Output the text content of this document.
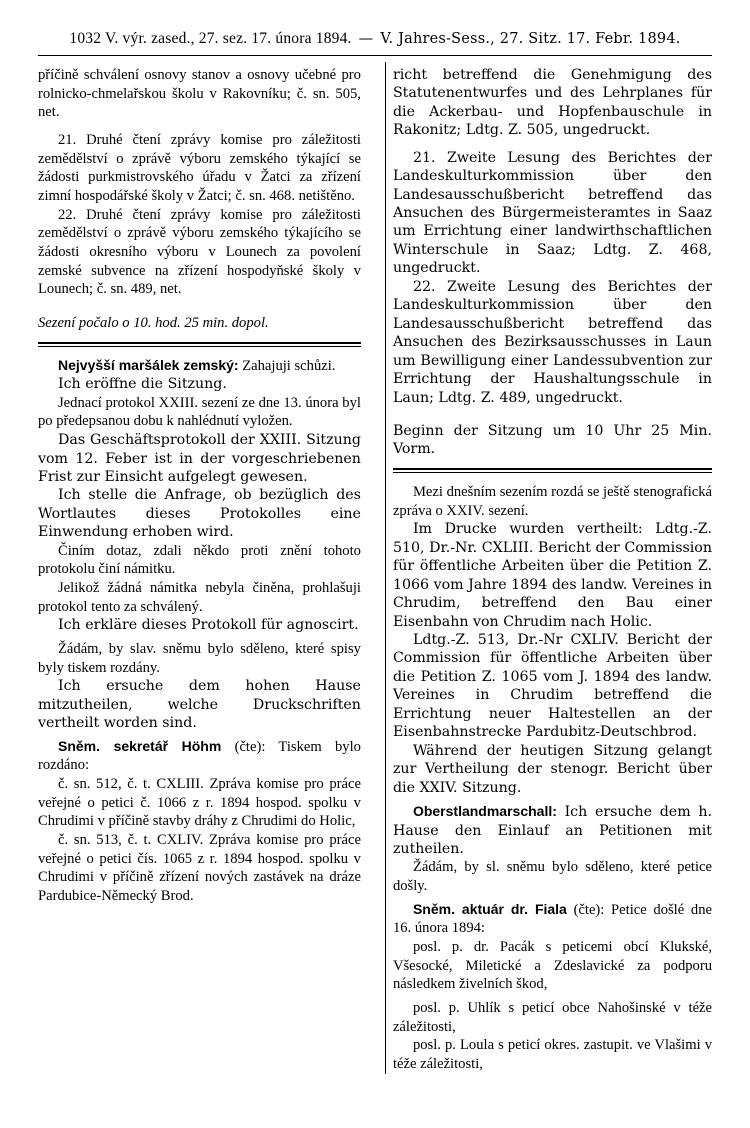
1032 V. výr. zased., 27. sez. 17. února 1894. — V. Jahres-Sess., 27. Sitz. 17. Febr. 1894.

příčině schválení osnovy stanov a osnovy učebné pro rolnicko-chmelařskou školu v Rakovníku; č. sn. 505, net.

21. Druhé čtení zprávy komise pro záležitosti zemědělství o zprávě výboru zemského týkající se žádosti purkmistrovského úřadu v Žatci za zřízení zimní hospodářské školy v Žatci; č. sn. 468. netištěno.

22. Druhé čtení zprávy komise pro záležitosti zemědělství o zprávě výboru zemského týkajícího se žádosti okresního výboru v Lounech za povolení zemské subvence na zřízení hospodyňské školy v Lounech; č. sn. 489, net.

Sezení počalo o 10. hod. 25 min. dopol.

Nejvyšší maršálek zemský: Zahajuji schůzi.

Ich eröffne die Sitzung.

Jednací protokol XXIII. sezení ze dne 13. února byl po předepsanou dobu k nahlédnutí vyložen.

Das Geschäftsprotokoll der XXIII. Sitzung vom 12. Feber ist in der vorgeschriebenen Frist zur Einsicht aufgelegt gewesen.

Ich stelle die Anfrage, ob bezüglich des Wortlautes dieses Protokolles eine Einwendung erhoben wird.

Činím dotaz, zdali někdo proti znění tohoto protokolu činí námitku.

Jelikož žádná námitka nebyla činěna, prohlašuji protokol tento za schválený.

Ich erkläre dieses Protokoll für agnoscirt.

Žádám, by slav. sněmu bylo sděleno, které spisy byly tiskem rozdány.

Ich ersuche dem hohen Hause mitzutheilen, welche Druckschriften vertheilt worden sind.

Sněm. sekretář Höhm (čte): Tiskem bylo rozdáno:

č. sn. 512, č. t. CXLIII. Zpráva komise pro práce veřejné o petici č. 1066 z r. 1894 hospod. spolku v Chrudimi v příčině stavby dráhy z Chrudimi do Holic,

č. sn. 513, č. t. CXLIV. Zpráva komise pro práce veřejné o petici čís. 1065 z r. 1894 hospod. spolku v Chrudimi v příčině zřízení nových zastávek na dráze Pardubice-Německý Brod.

richt betreffend die Genehmigung des Statutenentwurfes und des Lehrplanes für die Ackerbau- und Hopfenbauschule in Rakonitz; Ldtg. Z. 505, ungedruckt.

21. Zweite Lesung des Berichtes der Landeskulturkommission über den Landesausschußbericht betreffend das Ansuchen des Bürgermeisteramtes in Saaz um Errichtung einer landwirthschaftlichen Winterschule in Saaz; Ldtg. Z. 468, ungedruckt.

22. Zweite Lesung des Berichtes der Landeskulturkommission über den Landesausschußbericht betreffend das Ansuchen des Bezirksausschusses in Laun um Bewilligung einer Landessubvention zur Errichtung der Haushaltungsschule in Laun; Ldtg. Z. 489, ungedruckt.

Beginn der Sitzung um 10 Uhr 25 Min. Vorm.

Mezi dnešním sezením rozdá se ještě stenografická zpráva o XXIV. sezení.

Im Drucke wurden vertheilt: Ldtg.-Z. 510, Dr.-Nr. CXLIII. Bericht der Commission für öffentliche Arbeiten über die Petition Z. 1066 vom Jahre 1894 des landw. Vereines in Chrudim, betreffend den Bau einer Eisenbahn von Chrudim nach Holic.

Ldtg.-Z. 513, Dr.-Nr CXLIV. Bericht der Commission für öffentliche Arbeiten über die Petition Z. 1065 vom J. 1894 des landw. Vereines in Chrudim betreffend die Errichtung neuer Haltestellen an der Eisenbahnstrecke Pardubitz-Deutschbrod.

Während der heutigen Sitzung gelangt zur Vertheilung der stenogr. Bericht über die XXIV. Sitzung.

Oberstlandmarschall: Ich ersuche dem h. Hause den Einlauf an Petitionen mit zutheilen.

Žádám, by sl. sněmu bylo sděleno, které petice došly.

Sněm. aktuár dr. Fiala (čte): Petice došlé dne 16. února 1894:

posl. p. dr. Pacák s peticemi obcí Klukské, Všesocké, Miletické a Zdeslavické za podporu následkem živelních škod,

posl. p. Uhlík s peticí obce Nahošinské v téže záležitosti,

posl. p. Loula s peticí okres. zastupit. ve Vlašimi v téže záležitosti,
